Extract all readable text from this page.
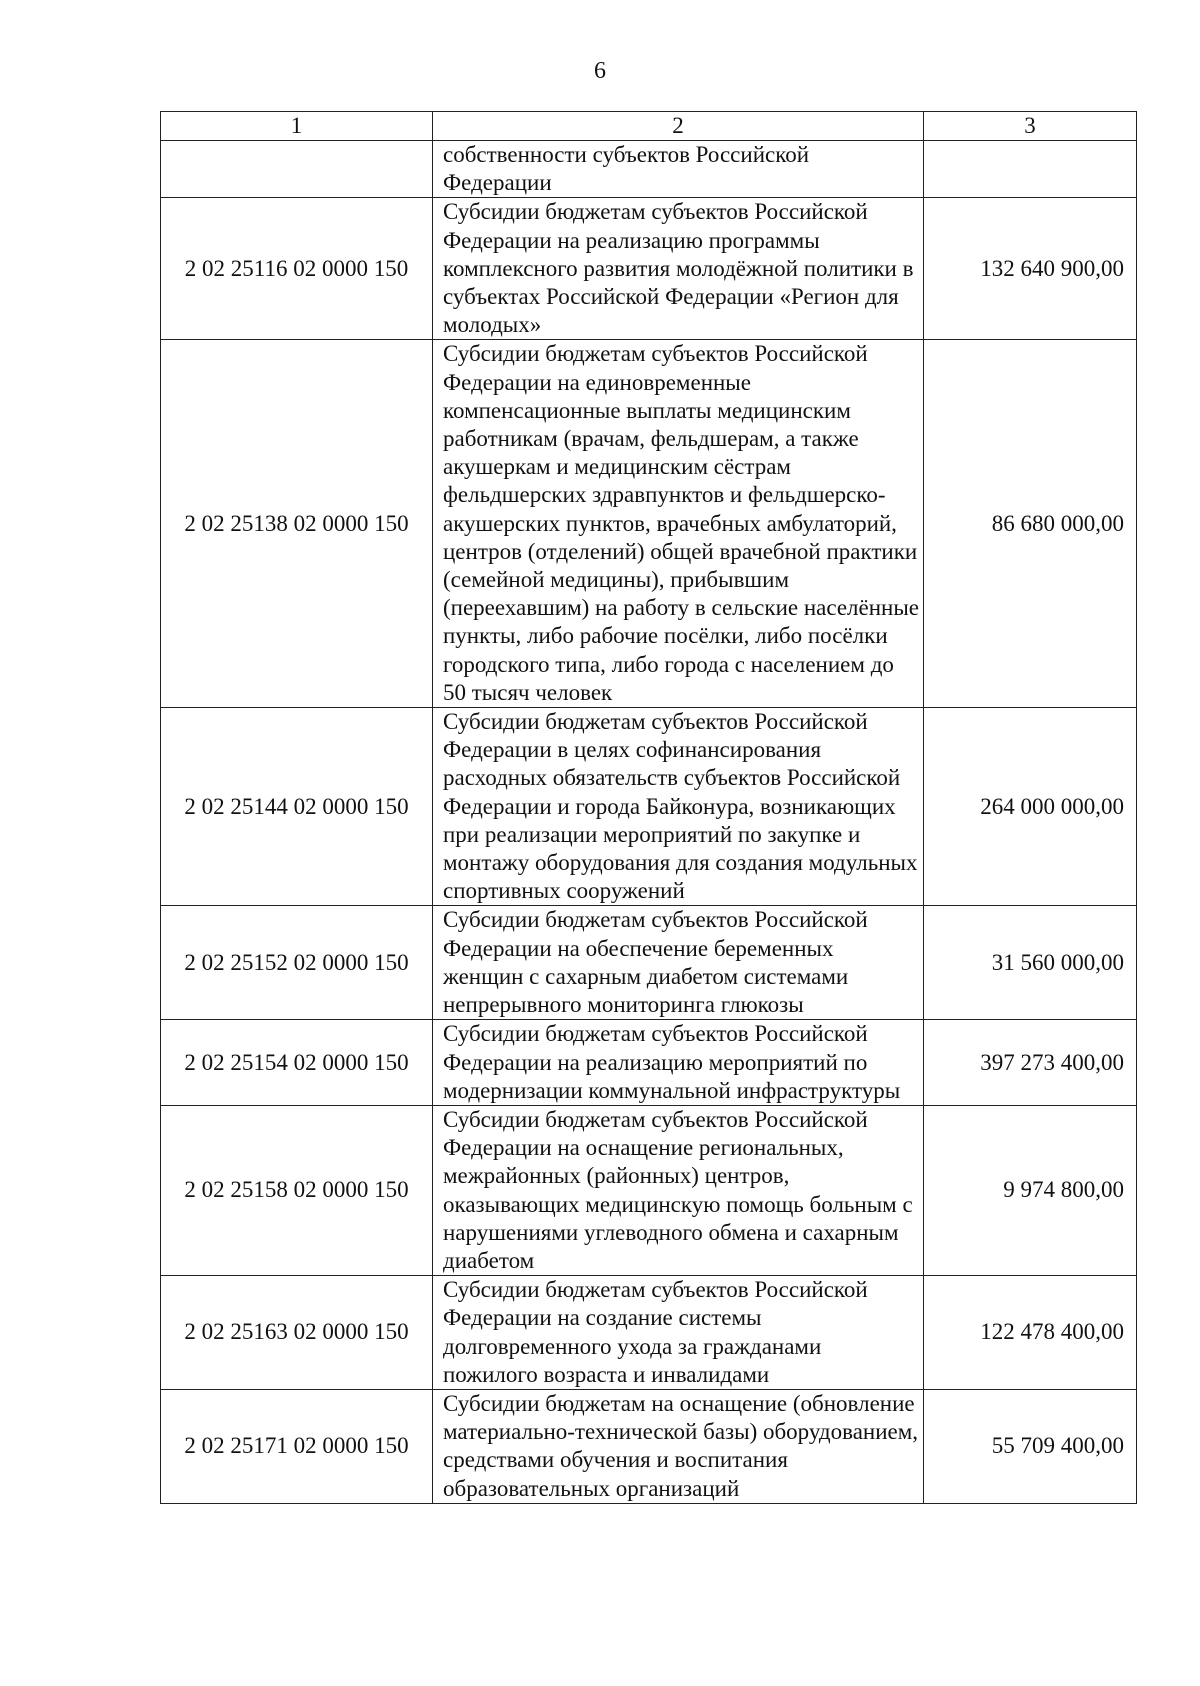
6
1	2	3
	собственности субъектов Российской Федерации	
2 02 25116 02 0000 150	Субсидии бюджетам субъектов Российской Федерации на реализацию программы комплексного развития молодёжной политики в субъектах Российской Федерации «Регион для молодых»	132 640 900,00
2 02 25138 02 0000 150	Субсидии бюджетам субъектов Российской Федерации на единовременные компенсационные выплаты медицинским работникам (врачам, фельдшерам, а также акушеркам и медицинским сёстрам фельдшерских здравпунктов и фельдшерско-акушерских пунктов, врачебных амбулаторий, центров (отделений) общей врачебной практики (семейной медицины), прибывшим (переехавшим) на работу в сельские населённые пункты, либо рабочие посёлки, либо посёлки городского типа, либо города с населением до 50 тысяч человек	86 680 000,00
2 02 25144 02 0000 150	Субсидии бюджетам субъектов Российской Федерации в целях софинансирования расходных обязательств субъектов Российской Федерации и города Байконура, возникающих при реализации мероприятий по закупке и монтажу оборудования для создания модульных спортивных сооружений	264 000 000,00
2 02 25152 02 0000 150	Субсидии бюджетам субъектов Российской Федерации на обеспечение беременных женщин с сахарным диабетом системами непрерывного мониторинга глюкозы	31 560 000,00
2 02 25154 02 0000 150	Субсидии бюджетам субъектов Российской Федерации на реализацию мероприятий по модернизации коммунальной инфраструктуры	397 273 400,00
2 02 25158 02 0000 150	Субсидии бюджетам субъектов Российской Федерации на оснащение региональных, межрайонных (районных) центров, оказывающих медицинскую помощь больным с нарушениями углеводного обмена и сахарным диабетом	9 974 800,00
2 02 25163 02 0000 150	Субсидии бюджетам субъектов Российской Федерации на создание системы долговременного ухода за гражданами пожилого возраста и инвалидами	122 478 400,00
2 02 25171 02 0000 150	Субсидии бюджетам на оснащение (обновление материально-технической базы) оборудованием, средствами обучения и воспитания образовательных организаций	55 709 400,00
